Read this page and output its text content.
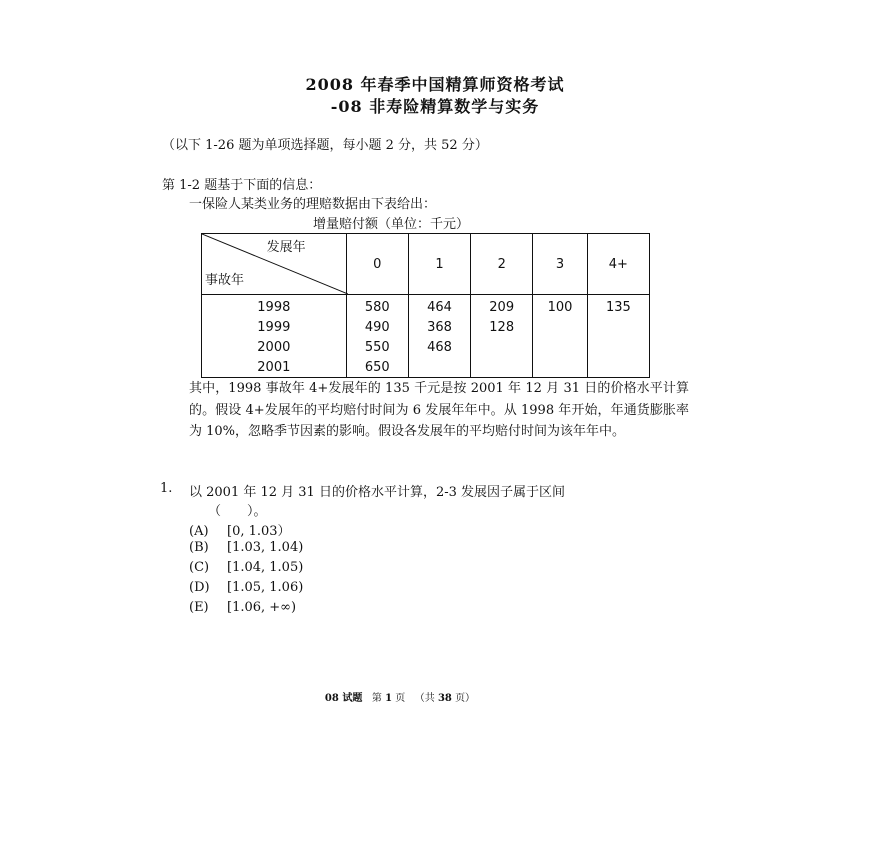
2008 年春季中国精算师资格考试
-08 非寿险精算数学与实务
（以下 1-26 题为单项选择题，每小题 2 分，共 52 分）
第 1-2 题基于下面的信息：
一保险人某类业务的理赔数据由下表给出：
增量赔付额（单位：千元）
发展年
事故年	0	1	2	3	4+
1998	580	464	209	100	135
1999	490	368	128		
2000	550	468			
2001	650				
其中，1998 事故年 4+发展年的 135 千元是按 2001 年 12 月 31 日的价格水平计算的。假设 4+发展年的平均赔付时间为 6 发展年年中。从 1998 年开始，年通货膨胀率为 10%，忽略季节因素的影响。假设各发展年的平均赔付时间为该年年中。
1. 以 2001 年 12 月 31 日的价格水平计算，2-3 发展因子属于区间
（　　）。
(A) [0, 1.03）
(B) [1.03, 1.04)
(C) [1.04, 1.05)
(D) [1.05, 1.06)
(E) [1.06, +∞)
08 试题 第 1 页 （共 38 页）
